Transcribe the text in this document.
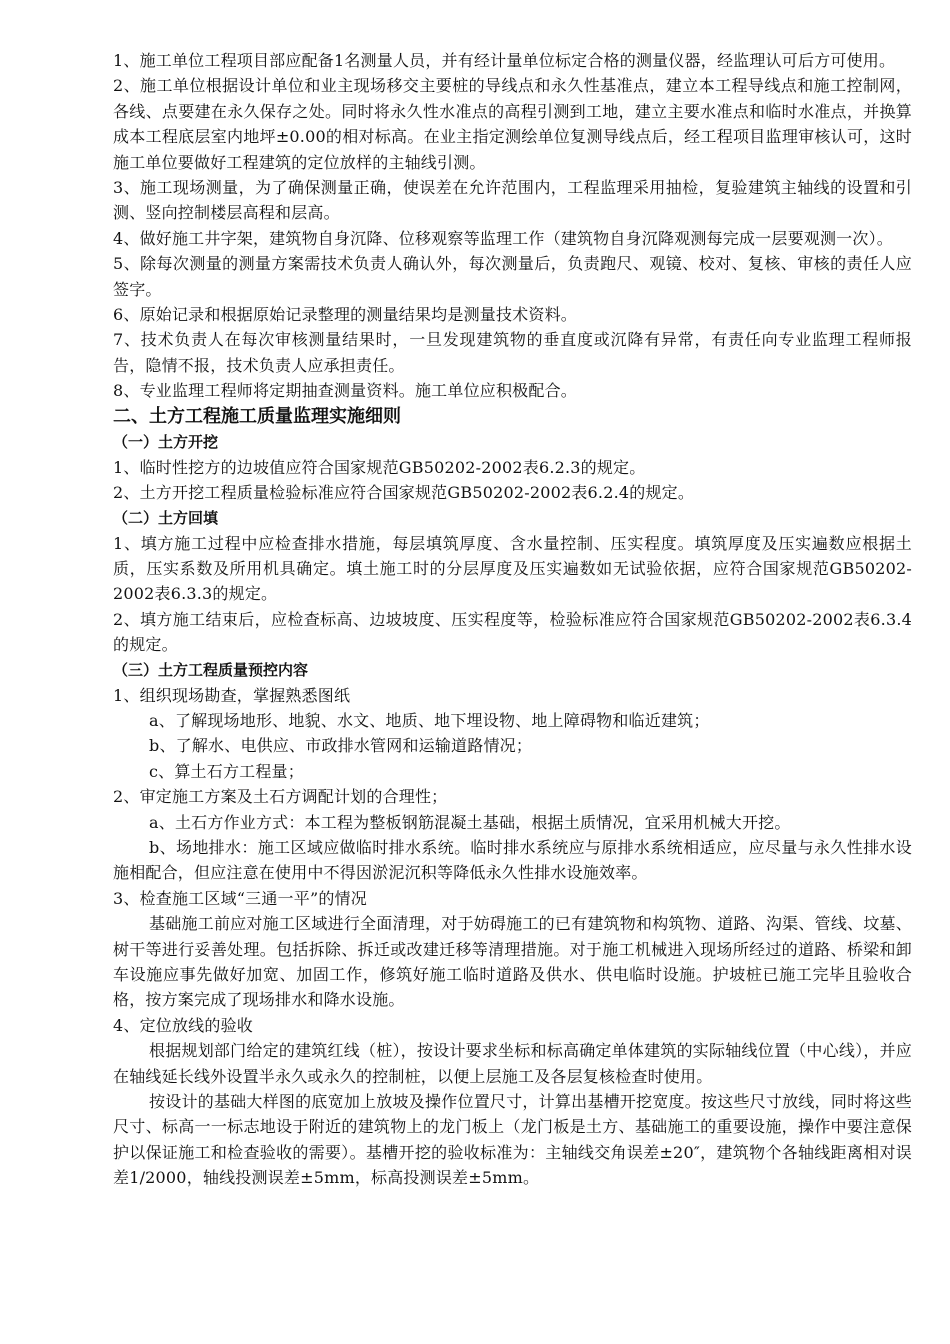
1、施工单位工程项目部应配备1名测量人员，并有经计量单位标定合格的测量仪器，经监理认可后方可使用。

2、施工单位根据设计单位和业主现场移交主要桩的导线点和永久性基准点，建立本工程导线点和施工控制网，各线、点要建在永久保存之处。同时将永久性水准点的高程引测到工地，建立主要水准点和临时水准点，并换算成本工程底层室内地坪±0.00的相对标高。在业主指定测绘单位复测导线点后，经工程项目监理审核认可，这时施工单位要做好工程建筑的定位放样的主轴线引测。

3、施工现场测量，为了确保测量正确，使误差在允许范围内，工程监理采用抽检，复验建筑主轴线的设置和引测、竖向控制楼层高程和层高。

4、做好施工井字架，建筑物自身沉降、位移观察等监理工作（建筑物自身沉降观测每完成一层要观测一次）。

5、除每次测量的测量方案需技术负责人确认外，每次测量后，负责跑尺、观镜、校对、复核、审核的责任人应签字。

6、原始记录和根据原始记录整理的测量结果均是测量技术资料。

7、技术负责人在每次审核测量结果时，一旦发现建筑物的垂直度或沉降有异常，有责任向专业监理工程师报告，隐情不报，技术负责人应承担责任。

8、专业监理工程师将定期抽查测量资料。施工单位应积极配合。

二、土方工程施工质量监理实施细则
（一）土方开挖

1、临时性挖方的边坡值应符合国家规范GB50202-2002表6.2.3的规定。

2、土方开挖工程质量检验标准应符合国家规范GB50202-2002表6.2.4的规定。

（二）土方回填

1、填方施工过程中应检查排水措施，每层填筑厚度、含水量控制、压实程度。填筑厚度及压实遍数应根据土质，压实系数及所用机具确定。填土施工时的分层厚度及压实遍数如无试验依据，应符合国家规范GB50202-2002表6.3.3的规定。

2、填方施工结束后，应检查标高、边坡坡度、压实程度等，检验标准应符合国家规范GB50202-2002表6.3.4的规定。

（三）土方工程质量预控内容

1、组织现场勘查，掌握熟悉图纸

a、了解现场地形、地貌、水文、地质、地下埋设物、地上障碍物和临近建筑；

b、了解水、电供应、市政排水管网和运输道路情况；

c、算土石方工程量；

2、审定施工方案及土石方调配计划的合理性；

a、土石方作业方式：本工程为整板钢筋混凝土基础，根据土质情况，宜采用机械大开挖。

b、场地排水：施工区域应做临时排水系统。临时排水系统应与原排水系统相适应，应尽量与永久性排水设施相配合，但应注意在使用中不得因淤泥沉积等降低永久性排水设施效率。

3、检查施工区域“三通一平”的情况

基础施工前应对施工区域进行全面清理，对于妨碍施工的已有建筑物和构筑物、道路、沟渠、管线、坟墓、树干等进行妥善处理。包括拆除、拆迁或改建迁移等清理措施。对于施工机械进入现场所经过的道路、桥梁和卸车设施应事先做好加宽、加固工作，修筑好施工临时道路及供水、供电临时设施。护坡桩已施工完毕且验收合格，按方案完成了现场排水和降水设施。

4、定位放线的验收

根据规划部门给定的建筑红线（桩），按设计要求坐标和标高确定单体建筑的实际轴线位置（中心线），并应在轴线延长线外设置半永久或永久的控制桩，以便上层施工及各层复核检查时使用。

按设计的基础大样图的底宽加上放坡及操作位置尺寸，计算出基槽开挖宽度。按这些尺寸放线，同时将这些尺寸、标高一一标志地设于附近的建筑物上的龙门板上（龙门板是土方、基础施工的重要设施，操作中要注意保护以保证施工和检查验收的需要）。基槽开挖的验收标准为：主轴线交角误差±20″，建筑物个各轴线距离相对误差1/2000，轴线投测误差±5mm，标高投测误差±5mm。
